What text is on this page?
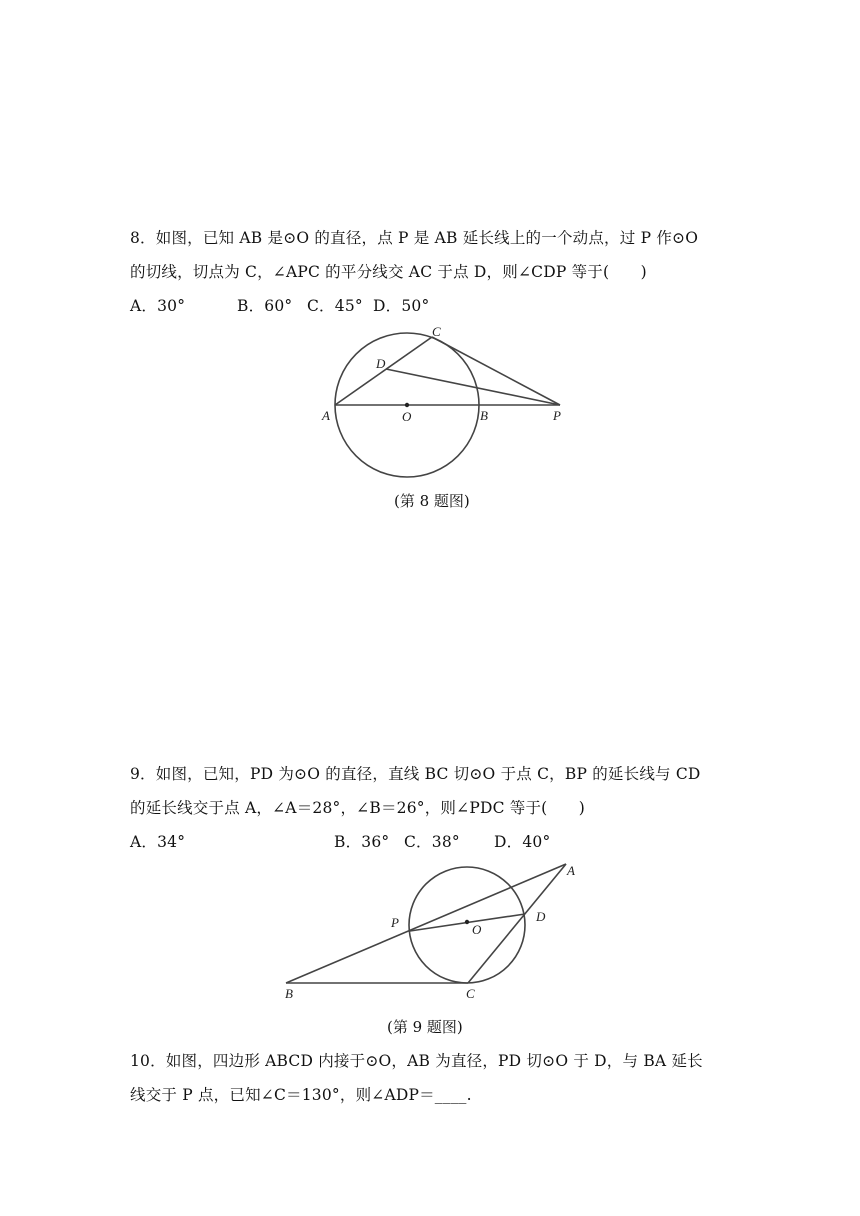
8．如图，已知 AB 是⊙O 的直径，点 P 是 AB 延长线上的一个动点，过 P 作⊙O
的切线，切点为 C，∠APC 的平分线交 AC 于点 D，则∠CDP 等于(　　)
A．30°	B．60° C．45° D．50°
C
D
A	O	B	P
A
P	D
O
B	C
(第 8 题图)
9．如图，已知，PD 为⊙O 的直径，直线 BC 切⊙O 于点 C，BP 的延长线与 CD
的延长线交于点 A，∠A＝28°，∠B＝26°，则∠PDC 等于(　　)
A．34°	B．36° C．38° D．40°
(第 9 题图)
10．如图，四边形 ABCD 内接于⊙O，AB 为直径，PD 切⊙O 于 D，与 BA 延长
线交于 P 点，已知∠C＝130°，则∠ADP＝____.
